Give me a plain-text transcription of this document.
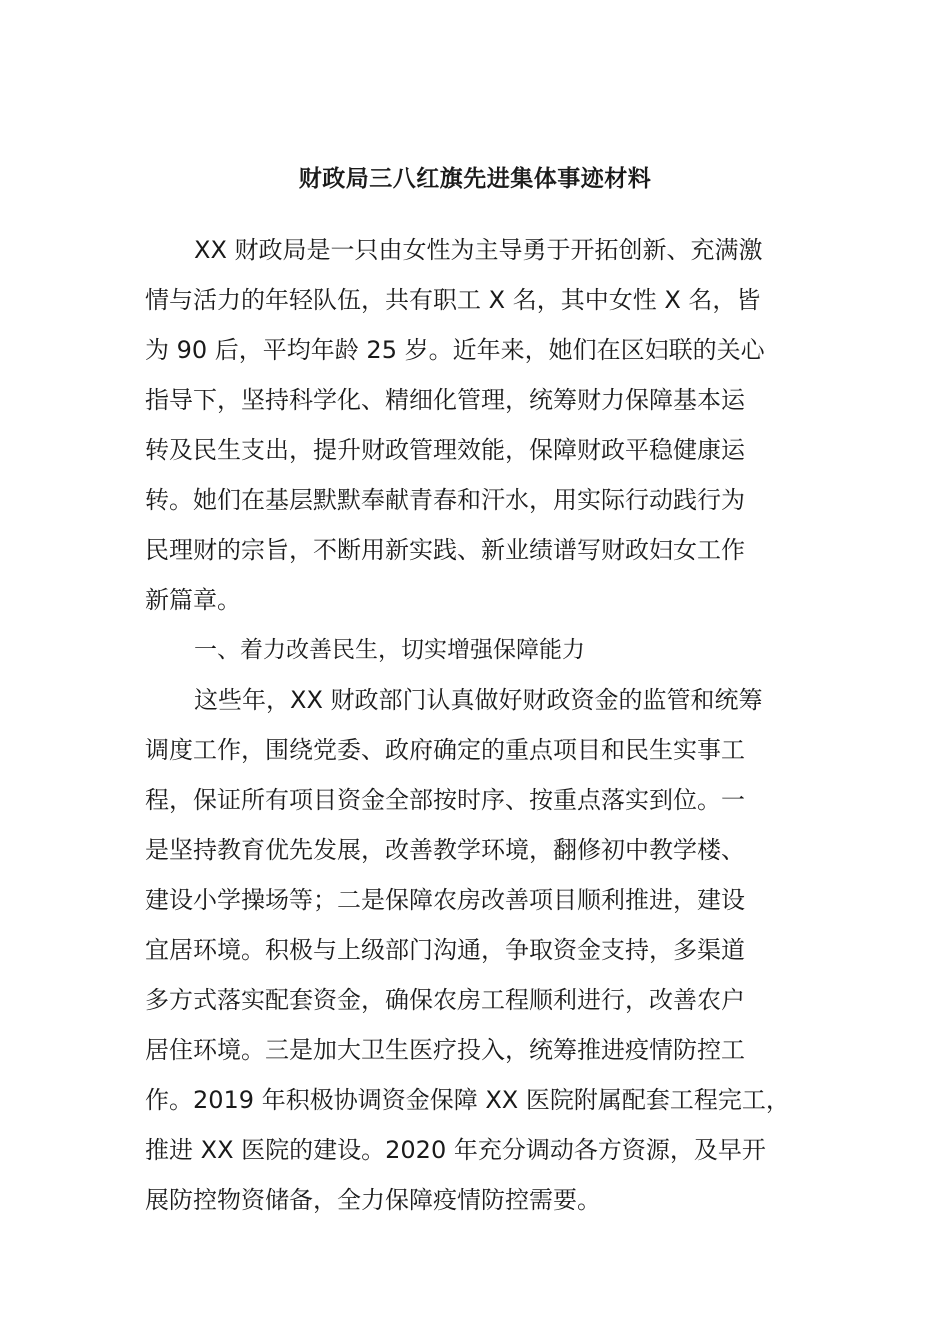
财政局三八红旗先进集体事迹材料
XX 财政局是一只由女性为主导勇于开拓创新、充满激
情与活力的年轻队伍，共有职工 X 名，其中女性 X 名，皆
为 90 后，平均年龄 25 岁。近年来，她们在区妇联的关心
指导下，坚持科学化、精细化管理，统筹财力保障基本运
转及民生支出，提升财政管理效能，保障财政平稳健康运
转。她们在基层默默奉献青春和汗水，用实际行动践行为
民理财的宗旨，不断用新实践、新业绩谱写财政妇女工作
新篇章。
一、着力改善民生，切实增强保障能力
这些年，XX 财政部门认真做好财政资金的监管和统筹
调度工作，围绕党委、政府确定的重点项目和民生实事工
程，保证所有项目资金全部按时序、按重点落实到位。一
是坚持教育优先发展，改善教学环境，翻修初中教学楼、
建设小学操场等；二是保障农房改善项目顺利推进，建设
宜居环境。积极与上级部门沟通，争取资金支持，多渠道
多方式落实配套资金，确保农房工程顺利进行，改善农户
居住环境。三是加大卫生医疗投入，统筹推进疫情防控工
作。2019 年积极协调资金保障 XX 医院附属配套工程完工，
推进 XX 医院的建设。2020 年充分调动各方资源，及早开
展防控物资储备，全力保障疫情防控需要。
